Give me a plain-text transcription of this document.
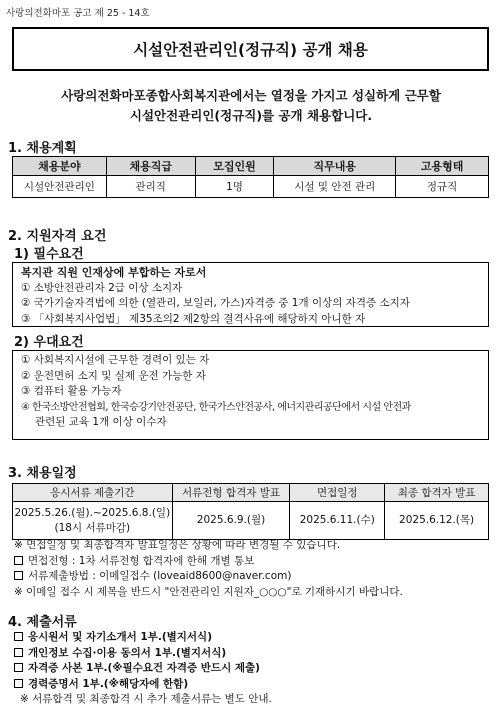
사랑의전화마포 공고 제 25 - 14호
시설안전관리인(정규직) 공개 채용
사랑의전화마포종합사회복지관에서는 열정을 가지고 성실하게 근무할
시설안전관리인(정규직)를 공개 채용합니다.
1. 채용계획
채용분야	채용직급	모집인원	직무내용	고용형태
시설안전관리인	관리직	1명	시설 및 안전 관리	정규직
2. 지원자격 요건
1) 필수요건
복지관 직원 인재상에 부합하는 자로서
① 소방안전관리자 2급 이상 소지자
② 국가기술자격법에 의한 (열관리, 보일러, 가스)자격증 중 1개 이상의 자격증 소지자
③ 「사회복지사업법」 제35조의2 제2항의 결격사유에 해당하지 아니한 자
2) 우대요건
① 사회복지시설에 근무한 경력이 있는 자
② 운전면허 소지 및 실제 운전 가능한 자
③ 컴퓨터 활용 가능자
④ 한국소방안전협회, 한국승강기안전공단, 한국가스안전공사, 에너지관리공단에서 시설 안전과
관련된 교육 1개 이상 이수자
3. 채용일정
응시서류 제출기간	서류전형 합격자 발표	면접일정	최종 합격자 발표

2025.5.26.(월).~2025.6.8.(일)
(18시 서류마감)	2025.6.9.(월)	2025.6.11.(수)	2025.6.12.(목)
※ 면접일정 및 최종합격자 발표일정은 상황에 따라 변경될 수 있습니다.
면접전형 : 1차 서류전형 합격자에 한해 개별 통보
서류제출방법 : 이메일접수 (loveaid8600@naver.com)
※ 이메일 접수 시 제목을 반드시 "안전관리인 지원자_○○○"로 기재하시기 바랍니다.
4. 제출서류
응시원서 및 자기소개서 1부.(별지서식)
개인정보 수집·이용 동의서 1부.(별지서식)
자격증 사본 1부.(※필수요건 자격증 반드시 제출)
경력증명서 1부.(※해당자에 한함)
※ 서류합격 및 최종합격 시 추가 제출서류는 별도 안내.
